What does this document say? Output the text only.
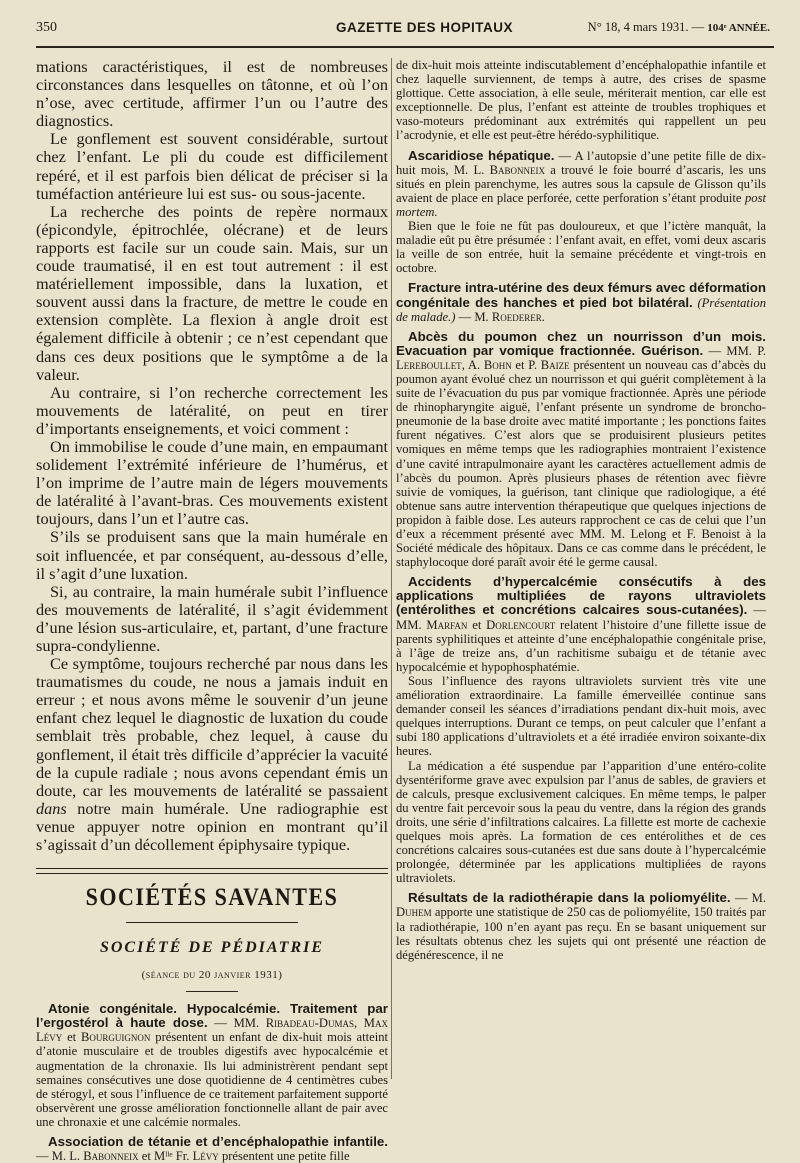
350	GAZETTE DES HOPITAUX	N° 18, 4 mars 1931. — 104ᵉ ANNÉE.

mations caractéristiques, il est de nombreuses circonstances dans lesquelles on tâtonne, et où l’on n’ose, avec certitude, affirmer l’un ou l’autre des diagnostics.

Le gonflement est souvent considérable, surtout chez l’enfant. Le pli du coude est difficilement repéré, et il est parfois bien délicat de préciser si la tuméfaction antérieure lui est sus- ou sous-jacente.

La recherche des points de repère normaux (épicondyle, épitrochlée, olécrane) et de leurs rapports est facile sur un coude sain. Mais, sur un coude traumatisé, il en est tout autrement : il est matériellement impossible, dans la luxation, et souvent aussi dans la fracture, de mettre le coude en extension complète. La flexion à angle droit est également difficile à obtenir ; ce n’est cependant que dans ces deux positions que le symptôme a de la valeur.

Au contraire, si l’on recherche correctement les mouvements de latéralité, on peut en tirer d’importants enseignements, et voici comment :

On immobilise le coude d’une main, en empaumant solidement l’extrémité inférieure de l’humérus, et l’on imprime de l’autre main de légers mouvements de latéralité à l’avant-bras. Ces mouvements existent toujours, dans l’un et l’autre cas.

S’ils se produisent sans que la main humérale en soit influencée, et par conséquent, au-dessous d’elle, il s’agit d’une luxation.

Si, au contraire, la main humérale subit l’influence des mouvements de latéralité, il s’agit évidemment d’une lésion sus-articulaire, et, partant, d’une fracture supra-condylienne.

Ce symptôme, toujours recherché par nous dans les traumatismes du coude, ne nous a jamais induit en erreur ; et nous avons même le souvenir d’un jeune enfant chez lequel le diagnostic de luxation du coude semblait très probable, chez lequel, à cause du gonflement, il était très difficile d’apprécier la vacuité de la cupule radiale ; nous avons cependant émis un doute, car les mouvements de latéralité se passaient dans notre main humérale. Une radiographie est venue appuyer notre opinion en montrant qu’il s’agissait d’un décollement épiphysaire typique.

SOCIÉTÉS SAVANTES
SOCIÉTÉ DE PÉDIATRIE
(séance du 20 janvier 1931)

Atonie congénitale. Hypocalcémie. Traitement par l’ergostérol à haute dose. — MM. Ribadeau-Dumas, Max Lévy et Bourguignon présentent un enfant de dix-huit mois atteint d’atonie musculaire et de troubles digestifs avec hypocalcémie et augmentation de la chronaxie. Ils lui administrèrent pendant sept semaines consécutives une dose quotidienne de 4 centimètres cubes de stérogyl, et sous l’influence de ce traitement parfaitement supporté observèrent une grosse amélioration fonctionnelle allant de pair avec une chronaxie et une calcémie normales.

Association de tétanie et d’encéphalopathie infantile. — M. L. Babonneix et Mˡˡᵉ Fr. Lévy présentent une petite fille

de dix-huit mois atteinte indiscutablement d’encéphalopathie infantile et chez laquelle surviennent, de temps à autre, des crises de spasme glottique. Cette association, à elle seule, mériterait mention, car elle est exceptionnelle. De plus, l’enfant est atteinte de troubles trophiques et vaso-moteurs prédominant aux extrémités qui rappellent un peu l’acrodynie, et elle est peut-être hérédo-syphilitique.

Ascaridiose hépatique. — A l’autopsie d’une petite fille de dix-huit mois, M. L. Babonneix a trouvé le foie bourré d’ascaris, les uns situés en plein parenchyme, les autres sous la capsule de Glisson qu’ils avaient de place en place perforée, cette perforation s’étant produite post mortem.

Bien que le foie ne fût pas douloureux, et que l’ictère manquât, la maladie eût pu être présumée : l’enfant avait, en effet, vomi deux ascaris la veille de son entrée, huit la semaine précédente et vingt-trois en octobre.

Fracture intra-utérine des deux fémurs avec déformation congénitale des hanches et pied bot bilatéral. (Présentation de malade.) — M. Roederer.

Abcès du poumon chez un nourrisson d’un mois. Evacuation par vomique fractionnée. Guérison. — MM. P. Lereboullet, A. Bohn et P. Baize présentent un nouveau cas d’abcès du poumon ayant évolué chez un nourrisson et qui guérit complètement à la suite de l’évacuation du pus par vomique fractionnée. Après une période de rhinopharyngite aiguë, l’enfant présente un syndrome de broncho-pneumonie de la base droite avec matité importante ; les ponctions faites furent négatives. C’est alors que se produisirent plusieurs petites vomiques en même temps que les radiographies montraient l’existence d’une cavité intrapulmonaire ayant les caractères actuellement admis de l’abcès du poumon. Après plusieurs phases de rétention avec fièvre suivie de vomiques, la guérison, tant clinique que radiologique, a été obtenue sans autre intervention thérapeutique que quelques injections de propidon à faible dose. Les auteurs rapprochent ce cas de celui que l’un d’eux a récemment présenté avec MM. M. Lelong et F. Benoist à la Société médicale des hôpitaux. Dans ce cas comme dans le précédent, le staphylocoque doré paraît avoir été le germe causal.

Accidents d’hypercalcémie consécutifs à des applications multipliées de rayons ultraviolets (entérolithes et concrétions calcaires sous-cutanées). — MM. Marfan et Dorlencourt relatent l’histoire d’une fillette issue de parents syphilitiques et atteinte d’une encéphalopathie congénitale prise, à l’âge de treize ans, d’un rachitisme subaigu et de tétanie avec hypocalcémie et hypophosphatémie.

Sous l’influence des rayons ultraviolets survient très vite une amélioration extraordinaire. La famille émerveillée continue sans demander conseil les séances d’irradiations pendant dix-huit mois, avec quelques interruptions. Durant ce temps, on peut calculer que l’enfant a subi 180 applications d’ultraviolets et a été irradiée environ soixante-dix heures.

La médication a été suspendue par l’apparition d’une entéro-colite dysentériforme grave avec expulsion par l’anus de sables, de graviers et de calculs, presque exclusivement calciques. En même temps, le palper du ventre fait percevoir sous la peau du ventre, dans la région des grands droits, une série d’infiltrations calcaires. La fillette est morte de cachexie quelques mois après. La formation de ces entérolithes et de ces concrétions calcaires sous-cutanées est due sans doute à l’hypercalcémie prolongée, déterminée par les applications multipliées de rayons ultraviolets.

Résultats de la radiothérapie dans la poliomyélite. — M. Duhem apporte une statistique de 250 cas de poliomyélite, 150 traités par la radiothérapie, 100 n’en ayant pas reçu. En se basant uniquement sur les résultats obtenus chez les sujets qui ont présenté une réaction de dégénérescence, il ne
